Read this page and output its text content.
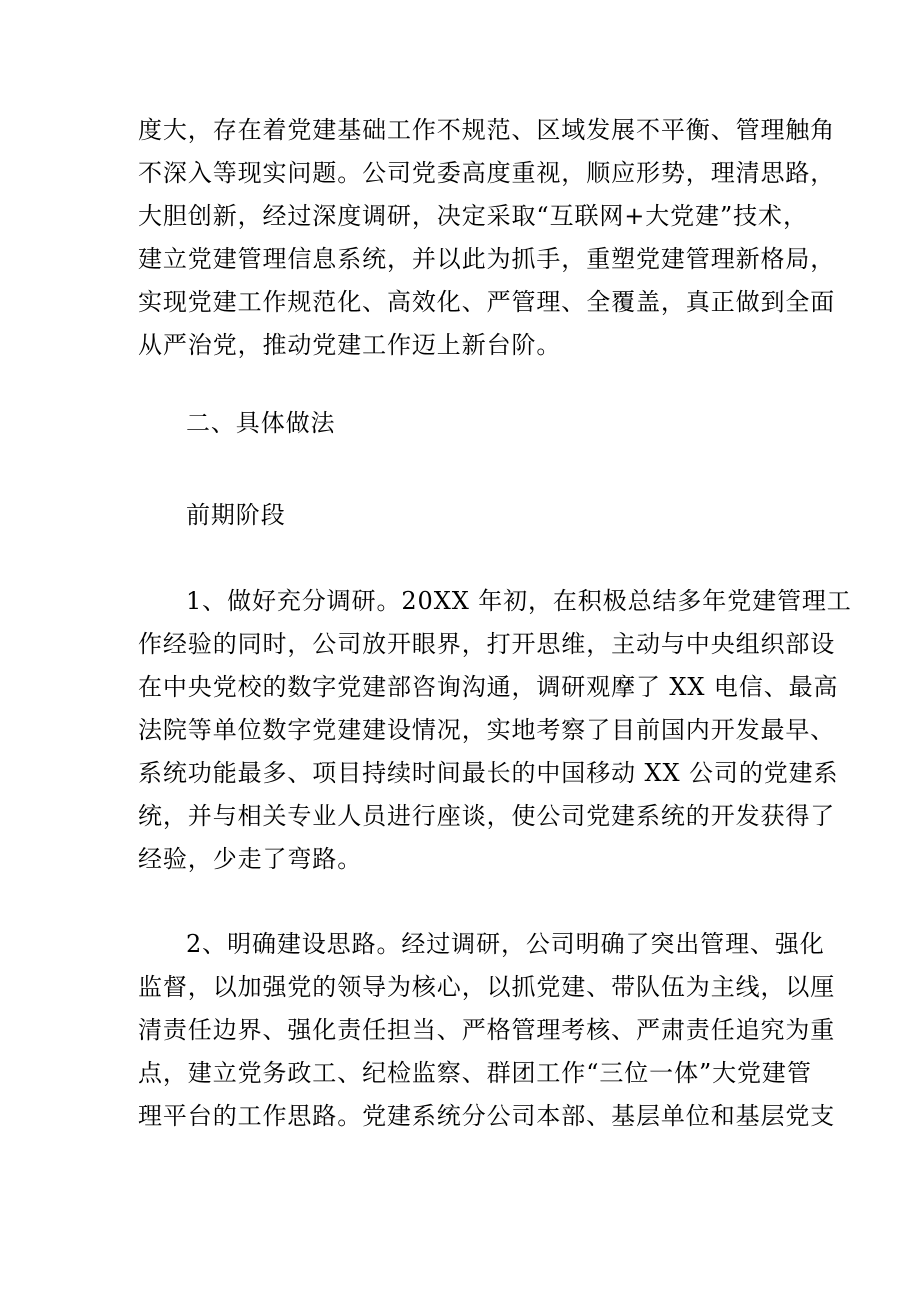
度大，存在着党建基础工作不规范、区域发展不平衡、管理触角
不深入等现实问题。公司党委高度重视，顺应形势，理清思路，
大胆创新，经过深度调研，决定采取“互联网+大党建”技术，
建立党建管理信息系统，并以此为抓手，重塑党建管理新格局，
实现党建工作规范化、高效化、严管理、全覆盖，真正做到全面
从严治党，推动党建工作迈上新台阶。
二、具体做法
前期阶段
1、做好充分调研。20XX 年初，在积极总结多年党建管理工
作经验的同时，公司放开眼界，打开思维，主动与中央组织部设
在中央党校的数字党建部咨询沟通，调研观摩了 XX 电信、最高
法院等单位数字党建建设情况，实地考察了目前国内开发最早、
系统功能最多、项目持续时间最长的中国移动 XX 公司的党建系
统，并与相关专业人员进行座谈，使公司党建系统的开发获得了
经验，少走了弯路。
2、明确建设思路。经过调研，公司明确了突出管理、强化
监督，以加强党的领导为核心，以抓党建、带队伍为主线，以厘
清责任边界、强化责任担当、严格管理考核、严肃责任追究为重
点，建立党务政工、纪检监察、群团工作“三位一体”大党建管
理平台的工作思路。党建系统分公司本部、基层单位和基层党支
